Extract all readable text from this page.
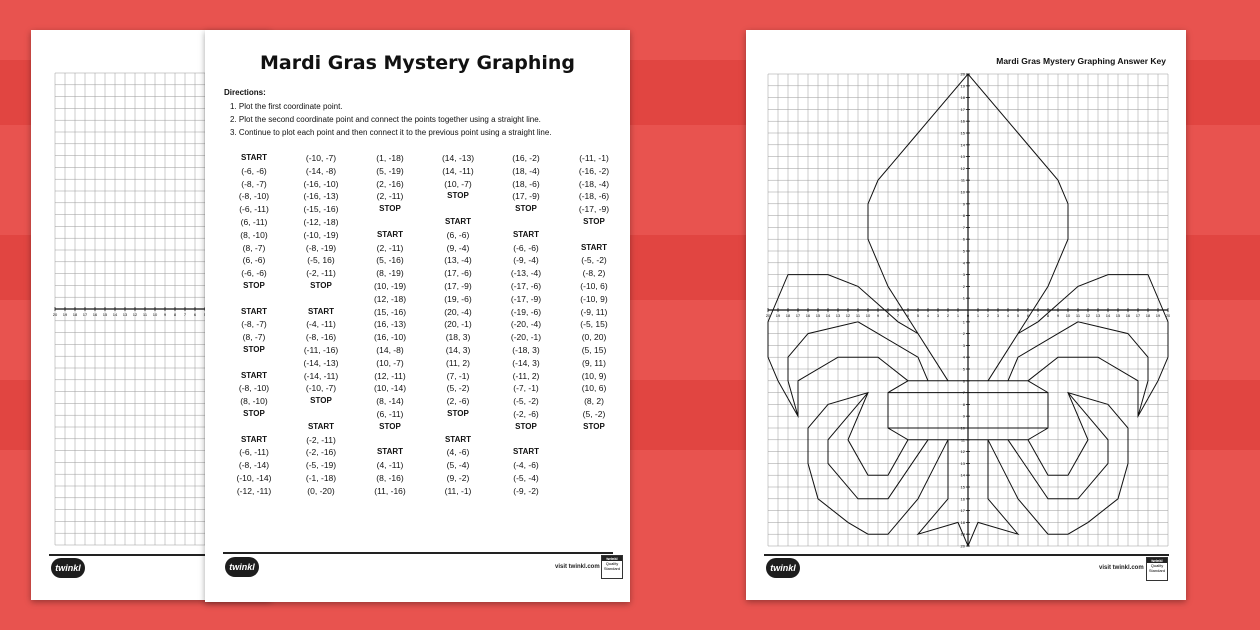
20 19 18 17 16 15 14 13 12 11 10 9 8 7 6
twinkl
Mardi Gras Mystery Graphing
Directions:
1. Plot the first coordinate point.
2. Plot the second coordinate point and connect the points together using a straight line.
3. Continue to plot each point and then connect it to the previous point using a straight line.
START
(-6, -6)
(-8, -7)
(-8, -10)
(-6, -11)
(6, -11)
(8, -10)
(8, -7)
(6, -6)
(-6, -6)
STOP
START
(-8, -7)
(8, -7)
STOP
START
(-8, -10)
(8, -10)
STOP
START
(-6, -11)
(-8, -14)
(-10, -14)
(-12, -11)
(-10, -7)
(-14, -8)
(-16, -10)
(-16, -13)
(-15, -16)
(-12, -18)
(-10, -19)
(-8, -19)
(-5, 16)
(-2, -11)
STOP
START
(-4, -11)
(-8, -16)
(-11, -16)
(-14, -13)
(-14, -11)
(-10, -7)
STOP
START
(-2, -11)
(-2, -16)
(-5, -19)
(-1, -18)
(0, -20)
(1, -18)
(5, -19)
(2, -16)
(2, -11)
STOP
START
(2, -11)
(5, -16)
(8, -19)
(10, -19)
(12, -18)
(15, -16)
(16, -13)
(16, -10)
(14, -8)
(10, -7)
(12, -11)
(10, -14)
(8, -14)
(6, -11)
STOP
START
(4, -11)
(8, -16)
(11, -16)
(14, -13)
(14, -11)
(10, -7)
STOP
START
(6, -6)
(9, -4)
(13, -4)
(17, -6)
(17, -9)
(19, -6)
(20, -4)
(20, -1)
(18, 3)
(14, 3)
(11, 2)
(7, -1)
(5, -2)
(2, -6)
STOP
START
(4, -6)
(5, -4)
(9, -2)
(11, -1)
(16, -2)
(18, -4)
(18, -6)
(17, -9)
STOP
START
(-6, -6)
(-9, -4)
(-13, -4)
(-17, -6)
(-17, -9)
(-19, -6)
(-20, -4)
(-20, -1)
(-18, 3)
(-14, 3)
(-11, 2)
(-7, -1)
(-5, -2)
(-2, -6)
STOP
START
(-4, -6)
(-5, -4)
(-9, -2)
(-11, -1)
(-16, -2)
(-18, -4)
(-18, -6)
(-17, -9)
STOP
START
(-5, -2)
(-8, 2)
(-10, 6)
(-10, 9)
(-9, 11)
(-5, 15)
(0, 20)
(5, 15)
(9, 11)
(10, 9)
(10, 6)
(8, 2)
(5, -2)
STOP
twinkl	visit twinkl.com
twinkl
Quality
Standard
Mardi Gras Mystery Graphing Answer Key
20 19 18 17 16 15 14 13 12 11 10 9 8 7 6 5 4 3 2 1 0 1 2 3 4 5 6 7 8 9 10 11 12 13 14 15 16 17 18 19 20
20
19
18
17
16
15
14
13
12
11
10
9
8
7
6
5
4
3
2
1
1
2
3
4
5
6
7
8
9
10
11
12
13
14
15
16
17
18
19
20
twinkl	visit twinkl.com
twinkl
Quality
Standard
